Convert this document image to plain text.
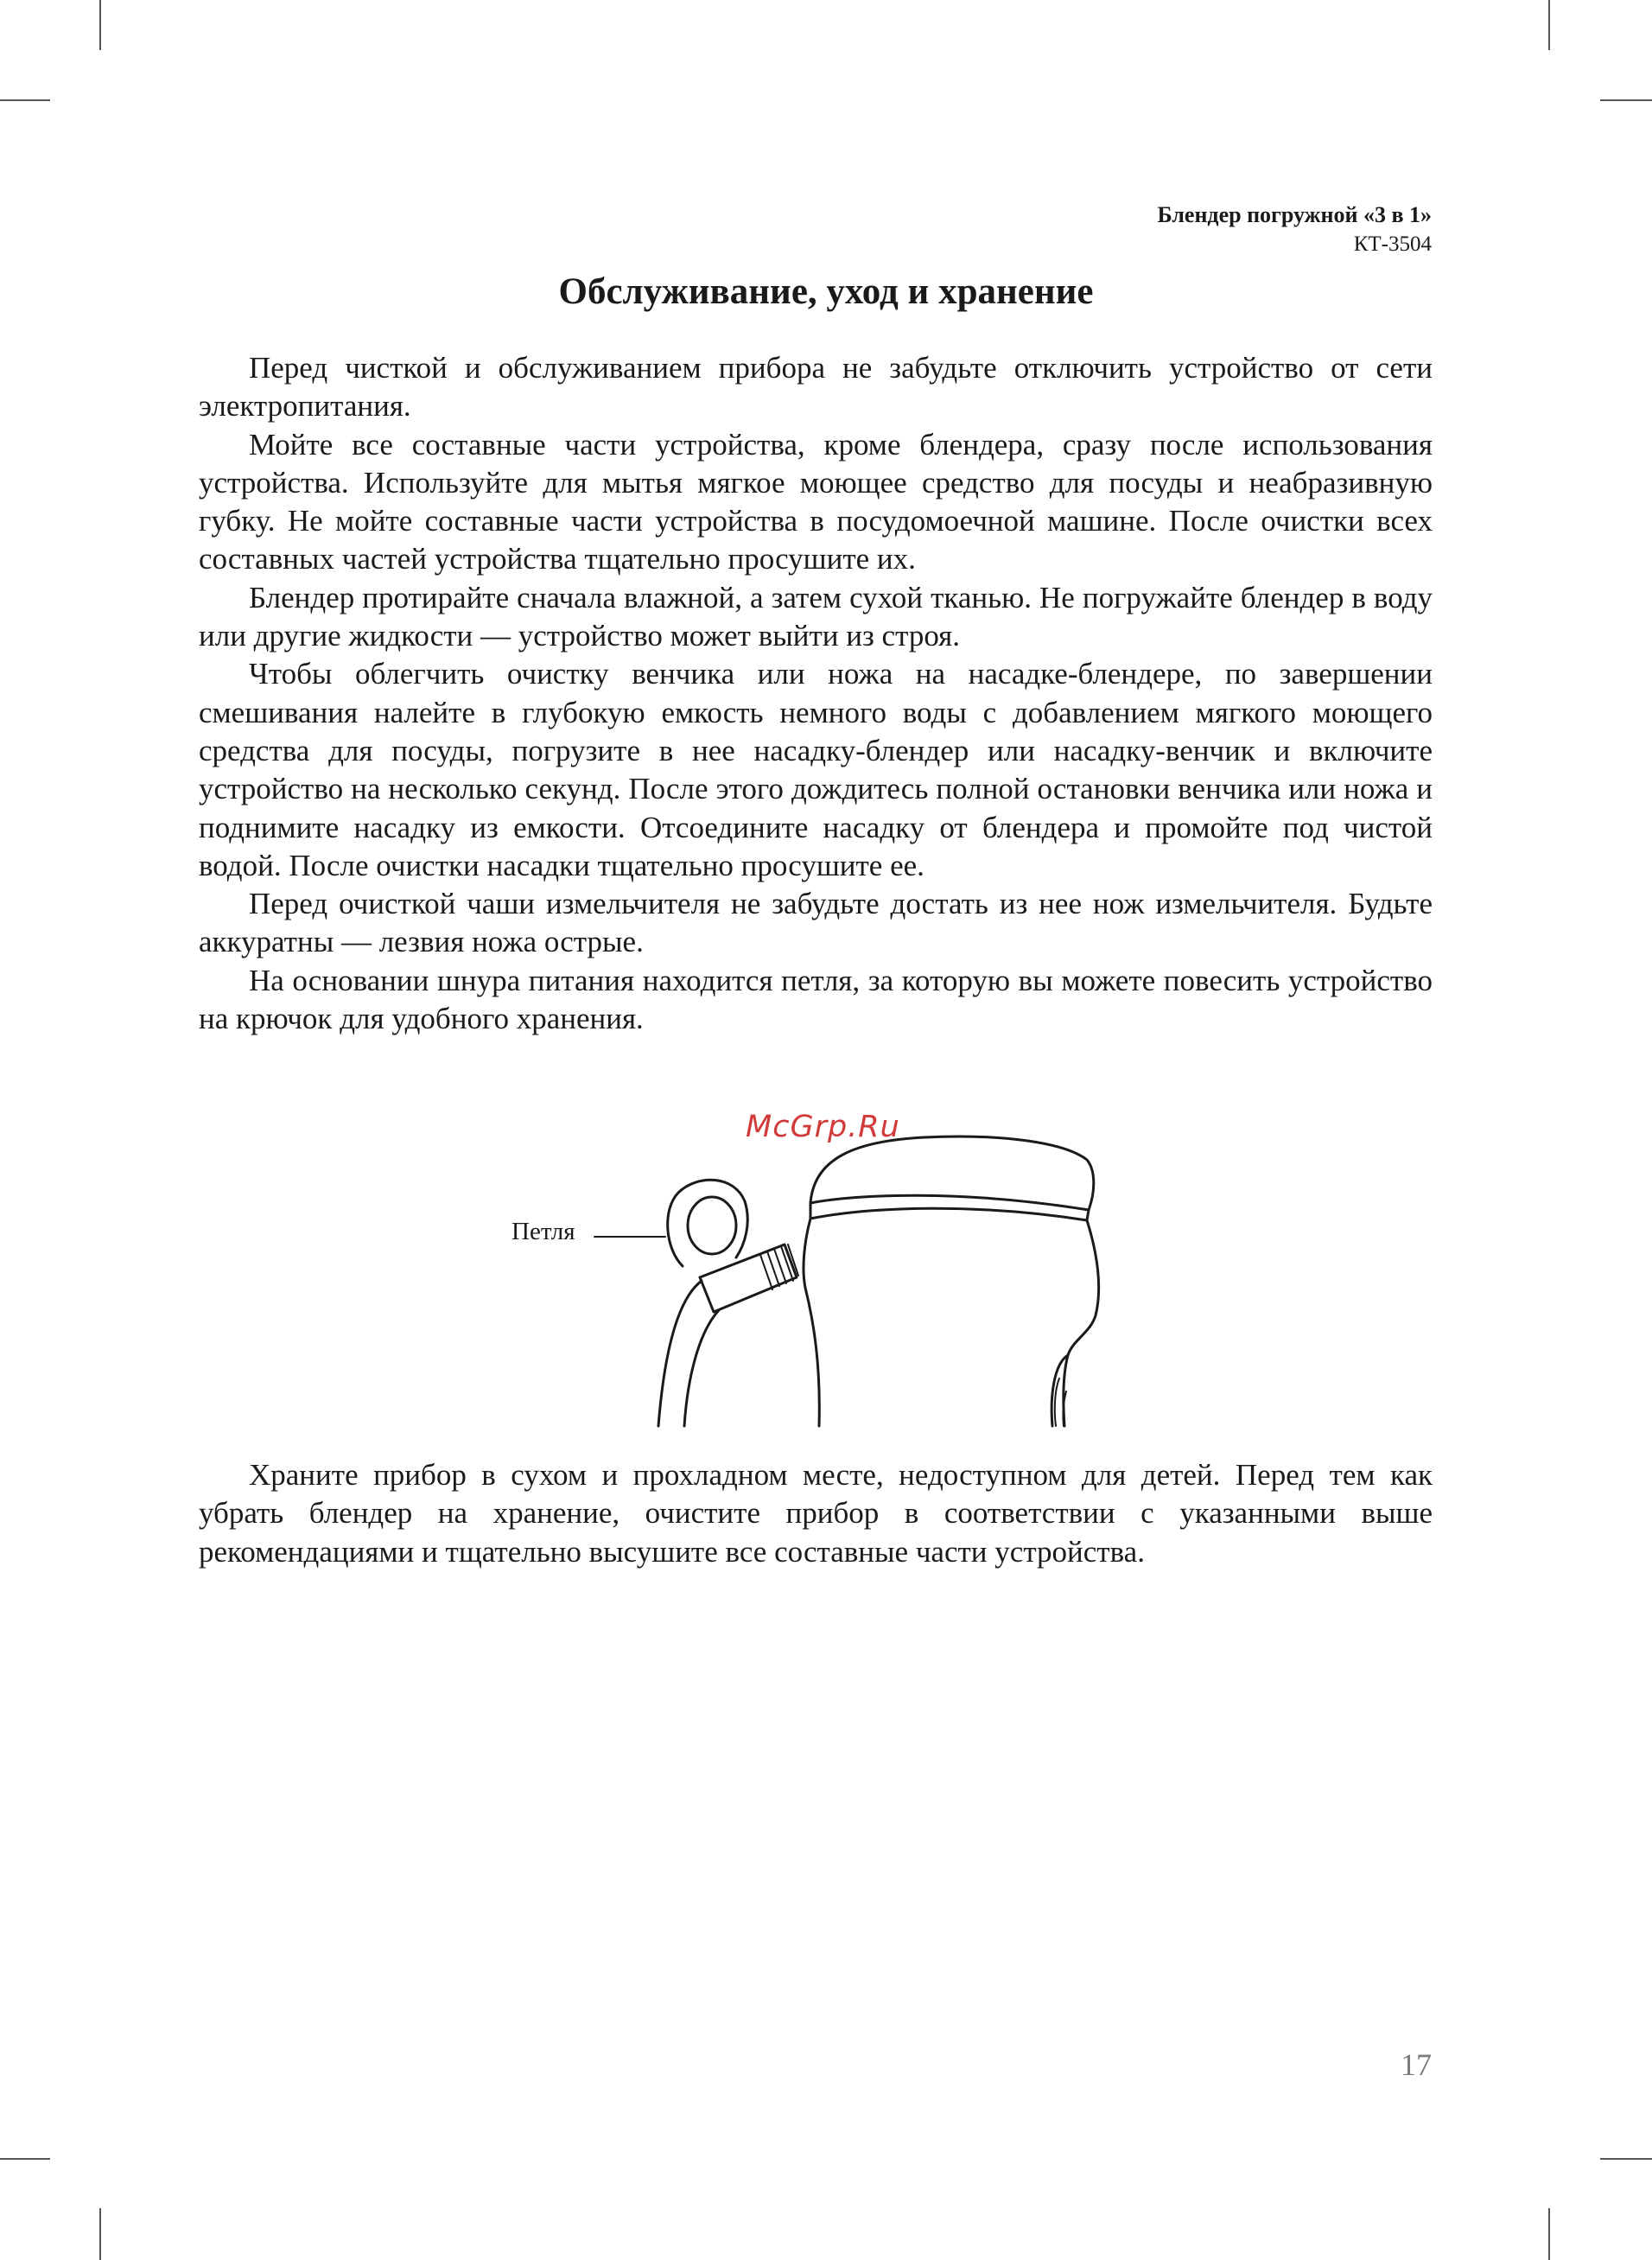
Блендер погружной «3 в 1»
КТ-3504
Обслуживание, уход и хранение

Перед чисткой и обслуживанием прибора не забудьте отключить устройство от сети электропитания.

Мойте все составные части устройства, кроме блендера, сразу после использования устройства. Используйте для мытья мягкое моющее средство для посуды и неабразивную губку. Не мойте составные части устройства в посудомоечной машине. После очистки всех составных частей устройства тщательно просушите их.

Блендер протирайте сначала влажной, а затем сухой тканью. Не погружайте блендер в воду или другие жидкости — устройство может выйти из строя.

Чтобы облегчить очистку венчика или ножа на насадке-блендере, по завершении смешивания налейте в глубокую емкость немного воды с добавлением мягкого моющего средства для посуды, погрузите в нее насадку-блендер или насадку-венчик и включите устройство на несколько секунд. После этого дождитесь полной остановки венчика или ножа и поднимите насадку из емкости. Отсоедините насадку от блендера и промойте под чистой водой. После очистки насадки тщательно просушите ее.

Перед очисткой чаши измельчителя не забудьте достать из нее нож измельчителя. Будьте аккуратны — лезвия ножа острые.

На основании шнура питания находится петля, за которую вы можете повесить устройство на крючок для удобного хранения.

Петля
McGrp.Ru

Храните прибор в сухом и прохладном месте, недоступном для детей. Перед тем как убрать блендер на хранение, очистите прибор в соответствии с указанными выше рекомендациями и тщательно высушите все составные части устройства.

17
